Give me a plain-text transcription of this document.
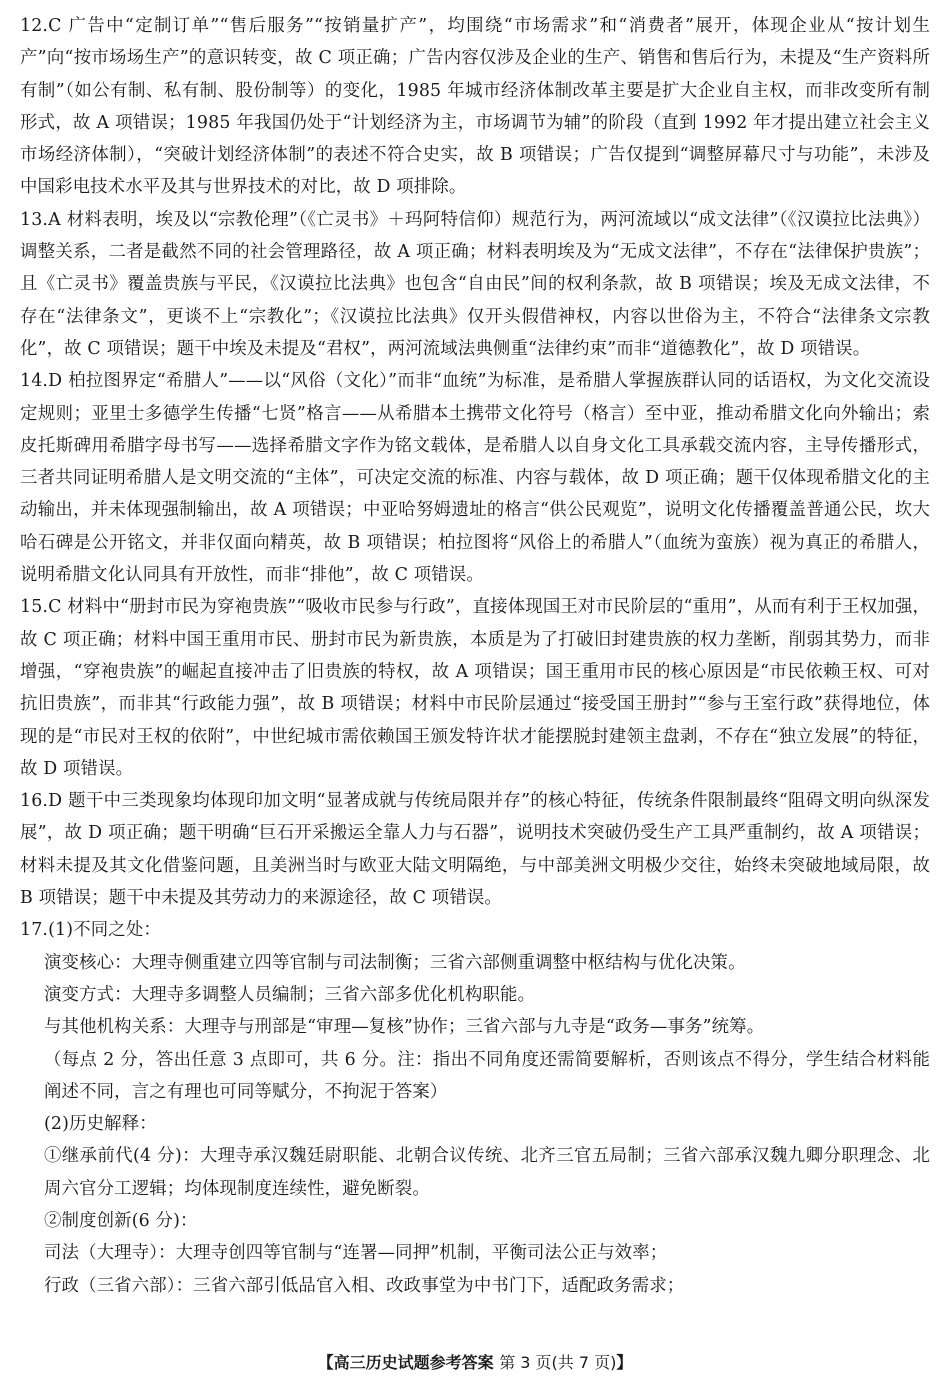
12.C 广告中“定制订单”“售后服务”“按销量扩产”，均围绕“市场需求”和“消费者”展开，体现企业从“按计划生产”向“按市场场生产”的意识转变，故 C 项正确；广告内容仅涉及企业的生产、销售和售后行为，未提及“生产资料所有制”（如公有制、私有制、股份制等）的变化，1985 年城市经济体制改革主要是扩大企业自主权，而非改变所有制形式，故 A 项错误；1985 年我国仍处于“计划经济为主，市场调节为辅”的阶段（直到 1992 年才提出建立社会主义市场经济体制），“突破计划经济体制”的表述不符合史实，故 B 项错误；广告仅提到“调整屏幕尺寸与功能”，未涉及中国彩电技术水平及其与世界技术的对比，故 D 项排除。

13.A 材料表明，埃及以“宗教伦理”（《亡灵书》＋玛阿特信仰）规范行为，两河流域以“成文法律”（《汉谟拉比法典》）调整关系，二者是截然不同的社会管理路径，故 A 项正确；材料表明埃及为“无成文法律”，不存在“法律保护贵族”；且《亡灵书》覆盖贵族与平民，《汉谟拉比法典》也包含“自由民”间的权利条款，故 B 项错误；埃及无成文法律，不存在“法律条文”，更谈不上“宗教化”；《汉谟拉比法典》仅开头假借神权，内容以世俗为主，不符合“法律条文宗教化”，故 C 项错误；题干中埃及未提及“君权”，两河流域法典侧重“法律约束”而非“道德教化”，故 D 项错误。

14.D 柏拉图界定“希腊人”——以“风俗（文化）”而非“血统”为标准，是希腊人掌握族群认同的话语权，为文化交流设定规则；亚里士多德学生传播“七贤”格言——从希腊本土携带文化符号（格言）至中亚，推动希腊文化向外输出；索皮托斯碑用希腊字母书写——选择希腊文字作为铭文载体，是希腊人以自身文化工具承载交流内容，主导传播形式，三者共同证明希腊人是文明交流的“主体”，可决定交流的标准、内容与载体，故 D 项正确；题干仅体现希腊文化的主动输出，并未体现强制输出，故 A 项错误；中亚哈努姆遗址的格言“供公民观览”，说明文化传播覆盖普通公民，坎大哈石碑是公开铭文，并非仅面向精英，故 B 项错误；柏拉图将“风俗上的希腊人”（血统为蛮族）视为真正的希腊人，说明希腊文化认同具有开放性，而非“排他”，故 C 项错误。

15.C 材料中“册封市民为穿袍贵族”“吸收市民参与行政”，直接体现国王对市民阶层的“重用”，从而有利于王权加强，故 C 项正确；材料中国王重用市民、册封市民为新贵族，本质是为了打破旧封建贵族的权力垄断，削弱其势力，而非增强，“穿袍贵族”的崛起直接冲击了旧贵族的特权，故 A 项错误；国王重用市民的核心原因是“市民依赖王权、可对抗旧贵族”，而非其“行政能力强”，故 B 项错误；材料中市民阶层通过“接受国王册封”“参与王室行政”获得地位，体现的是“市民对王权的依附”，中世纪城市需依赖国王颁发特许状才能摆脱封建领主盘剥，不存在“独立发展”的特征，故 D 项错误。

16.D 题干中三类现象均体现印加文明“显著成就与传统局限并存”的核心特征，传统条件限制最终“阻碍文明向纵深发展”，故 D 项正确；题干明确“巨石开采搬运全靠人力与石器”，说明技术突破仍受生产工具严重制约，故 A 项错误；材料未提及其文化借鉴问题，且美洲当时与欧亚大陆文明隔绝，与中部美洲文明极少交往，始终未突破地域局限，故 B 项错误；题干中未提及其劳动力的来源途径，故 C 项错误。

17.(1)不同之处：

演变核心：大理寺侧重建立四等官制与司法制衡；三省六部侧重调整中枢结构与优化决策。

演变方式：大理寺多调整人员编制；三省六部多优化机构职能。

与其他机构关系：大理寺与刑部是“审理—复核”协作；三省六部与九寺是“政务—事务”统筹。

（每点 2 分，答出任意 3 点即可，共 6 分。注：指出不同角度还需简要解析，否则该点不得分，学生结合材料能阐述不同，言之有理也可同等赋分，不拘泥于答案）

(2)历史解释：

①继承前代(4 分)：大理寺承汉魏廷尉职能、北朝合议传统、北齐三官五局制；三省六部承汉魏九卿分职理念、北周六官分工逻辑；均体现制度连续性，避免断裂。

②制度创新(6 分)：

司法（大理寺）：大理寺创四等官制与“连署—同押”机制，平衡司法公正与效率；

行政（三省六部）：三省六部引低品官入相、改政事堂为中书门下，适配政务需求；

【高三历史试题参考答案 第 3 页(共 7 页)】
